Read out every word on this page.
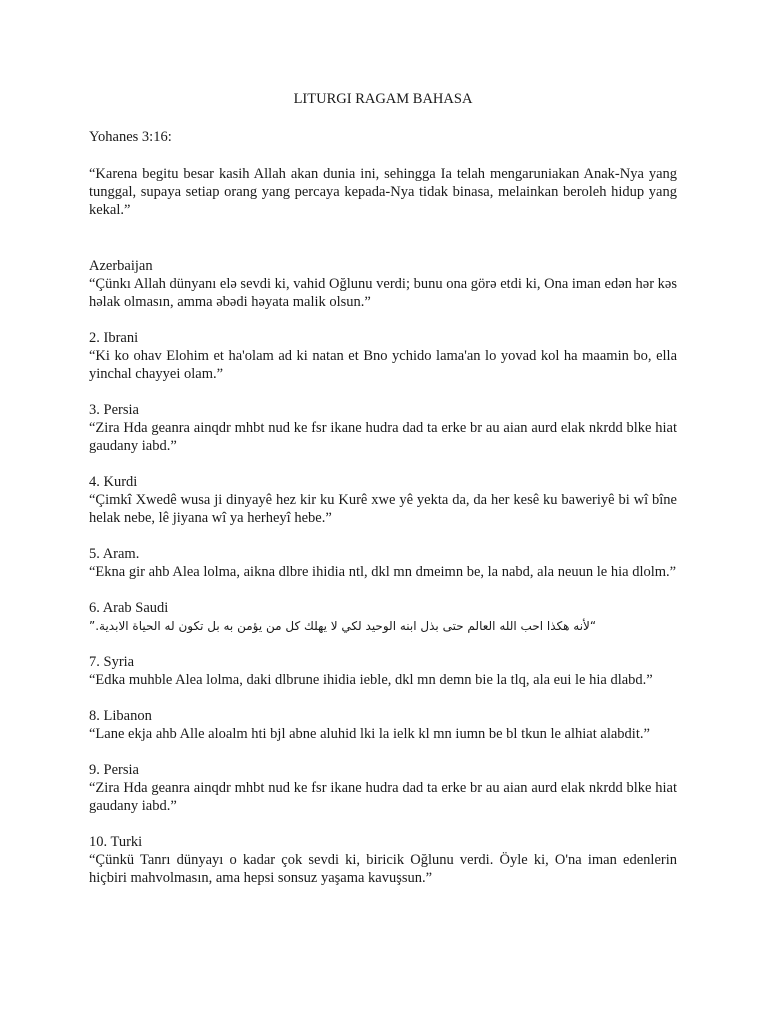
LITURGI RAGAM BAHASA
Yohanes 3:16:
“Karena begitu besar kasih Allah akan dunia ini, sehingga Ia telah mengaruniakan Anak-Nya yang tunggal, supaya setiap orang yang percaya kepada-Nya tidak binasa, melainkan beroleh hidup yang kekal.”
Azerbaijan
“Çünkı Allah dünyanı elə sevdi ki, vahid Oğlunu verdi; bunu ona görə etdi ki, Ona iman edən hər kəs həlak olmasın, amma əbədi həyata malik olsun.”
2. Ibrani
“Ki ko ohav Elohim et ha'olam ad ki natan et Bno ychido lama'an lo yovad kol ha maamin bo, ella yinchal chayyei olam.”
3. Persia
“Zira Hda geanra ainqdr mhbt nud ke fsr ikane hudra dad ta erke br au aian aurd elak nkrdd blke hiat gaudany iabd.”
4. Kurdi
“Çimkî Xwedê wusa ji dinyayê hez kir ku Kurê xwe yê yekta da, da her kesê ku baweriyê bi wî bîne helak nebe, lê jiyana wî ya herheyî hebe.”
5. Aram.
“Ekna gir ahb Alea lolma, aikna dlbre ihidia ntl, dkl mn dmeimn be, la nabd, ala neuun le hia dlolm.”
6. Arab Saudi
“لأنه هكذا احب الله العالم حتى بذل ابنه الوحيد لكي لا يهلك كل من يؤمن به بل تكون له الحياة الابدية.”
7. Syria
“Edka muhble Alea lolma, daki dlbrune ihidia ieble, dkl mn demn bie la tlq, ala eui le hia dlabd.”
8. Libanon
“Lane ekja ahb Alle aloalm hti bjl abne aluhid lki la ielk kl mn iumn be bl tkun le alhiat alabdit.”
9. Persia
“Zira Hda geanra ainqdr mhbt nud ke fsr ikane hudra dad ta erke br au aian aurd elak nkrdd blke hiat gaudany iabd.”
10. Turki
“Çünkü Tanrı dünyayı o kadar çok sevdi ki, biricik Oğlunu verdi. Öyle ki, O'na iman edenlerin hiçbiri mahvolmasın, ama hepsi sonsuz yaşama kavuşsun.”
